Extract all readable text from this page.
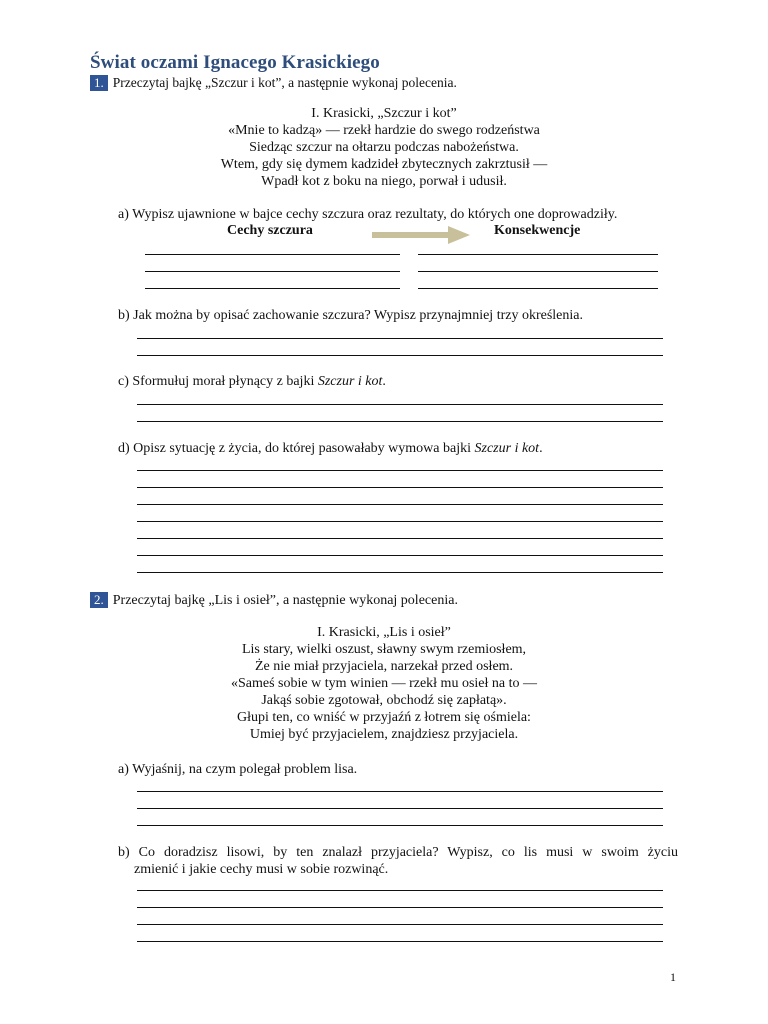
Świat oczami Ignacego Krasickiego
1. Przeczytaj bajkę „Szczur i kot”, a następnie wykonaj polecenia.
I. Krasicki, „Szczur i kot”
«Mnie to kadzą» — rzekł hardzie do swego rodzeństwa
Siedząc szczur na ołtarzu podczas nabożeństwa.
Wtem, gdy się dymem kadzideł zbytecznych zakrztusił —
Wpadł kot z boku na niego, porwał i udusił.
a) Wypisz ujawnione w bajce cechy szczura oraz rezultaty, do których one doprowadziły.
Cechy szczura	Konsekwencje
b) Jak można by opisać zachowanie szczura? Wypisz przynajmniej trzy określenia.
c) Sformułuj morał płynący z bajki Szczur i kot.
d) Opisz sytuację z życia, do której pasowałaby wymowa bajki Szczur i kot.
2. Przeczytaj bajkę „Lis i osieł”, a następnie wykonaj polecenia.
I. Krasicki, „Lis i osieł”
Lis stary, wielki oszust, sławny swym rzemiosłem,
Że nie miał przyjaciela, narzekał przed osłem.
«Sameś sobie w tym winien — rzekł mu osieł na to —
Jakąś sobie zgotował, obchodź się zapłatą».
Głupi ten, co wniść w przyjaźń z łotrem się ośmiela:
Umiej być przyjacielem, znajdziesz przyjaciela.
a) Wyjaśnij, na czym polegał problem lisa.
b) Co doradzisz lisowi, by ten znalazł przyjaciela? Wypisz, co lis musi w swoim życiu
zmienić i jakie cechy musi w sobie rozwinąć.
1
